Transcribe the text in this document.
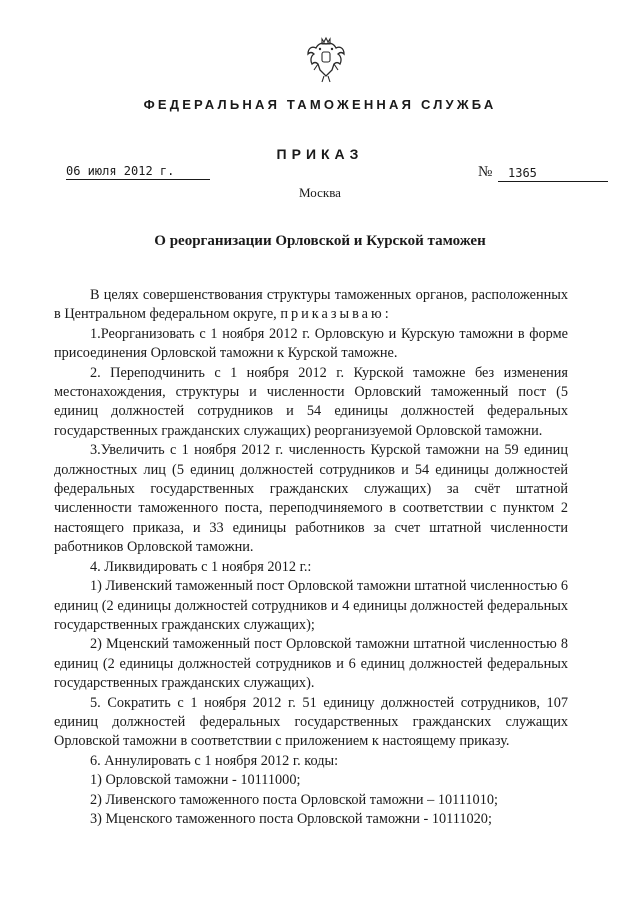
ФЕДЕРАЛЬНАЯ ТАМОЖЕННАЯ СЛУЖБА
ПРИКАЗ
06 июля 2012 г.	№	1365
Москва
О реорганизации Орловской и Курской таможен

В целях совершенствования структуры таможенных органов, расположенных в Центральном федеральном округе, приказываю:

1.Реорганизовать с 1 ноября 2012 г. Орловскую и Курскую таможни в форме присоединения Орловской таможни к Курской таможне.

2. Переподчинить с 1 ноября 2012 г. Курской таможне без изменения местонахождения, структуры и численности Орловский таможенный пост (5 единиц должностей сотрудников и 54 единицы должностей федеральных государственных гражданских служащих) реорганизуемой Орловской таможни.

3.Увеличить с 1 ноября 2012 г. численность Курской таможни на 59 единиц должностных лиц (5 единиц должностей сотрудников и 54 единицы должностей федеральных государственных гражданских служащих) за счёт штатной численности таможенного поста, переподчиняемого в соответствии с пунктом 2 настоящего приказа, и 33 единицы работников за счет штатной численности работников Орловской таможни.

4. Ликвидировать с 1 ноября 2012 г.:

1) Ливенский таможенный пост Орловской таможни штатной численностью 6 единиц (2 единицы должностей сотрудников и 4 единицы должностей федеральных государственных гражданских служащих);

2) Мценский таможенный пост Орловской таможни штатной численностью 8 единиц (2 единицы должностей сотрудников и 6 единиц должностей федеральных государственных гражданских служащих).

5. Сократить с 1 ноября 2012 г. 51 единицу должностей сотрудников, 107 единиц должностей федеральных государственных гражданских служащих Орловской таможни в соответствии с приложением к настоящему приказу.

6. Аннулировать с 1 ноября 2012 г. коды:

1) Орловской таможни - 10111000;

2) Ливенского таможенного поста Орловской таможни – 10111010;

3) Мценского таможенного поста Орловской таможни - 10111020;
